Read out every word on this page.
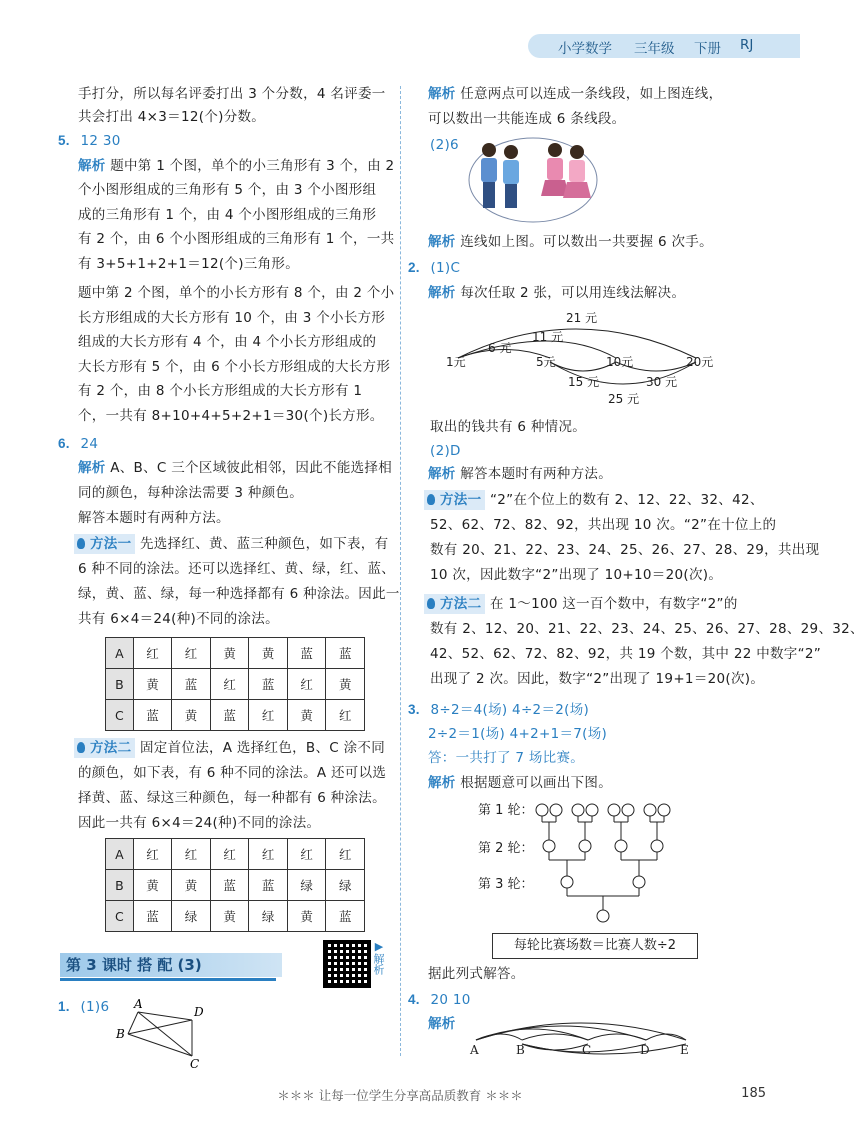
小学数学 三年级 下册 RJ
手打分，所以每名评委打出 3 个分数，4 名评委一
共会打出 4×3＝12(个)分数。
5. 12 30
解析 题中第 1 个图，单个的小三角形有 3 个，由 2
个小图形组成的三角形有 5 个，由 3 个小图形组
成的三角形有 1 个，由 4 个小图形组成的三角形
有 2 个，由 6 个小图形组成的三角形有 1 个，一共
有 3+5+1+2+1＝12(个)三角形。
题中第 2 个图，单个的小长方形有 8 个，由 2 个小
长方形组成的大长方形有 10 个，由 3 个小长方形
组成的大长方形有 4 个，由 4 个小长方形组成的
大长方形有 5 个，由 6 个小长方形组成的大长方形
有 2 个，由 8 个小长方形组成的大长方形有 1
个，一共有 8+10+4+5+2+1＝30(个)长方形。
6. 24
解析 A、B、C 三个区域彼此相邻，因此不能选择相
同的颜色，每种涂法需要 3 种颜色。
解答本题时有两种方法。
方法一 先选择红、黄、蓝三种颜色，如下表，有
6 种不同的涂法。还可以选择红、黄、绿，红、蓝、
绿，黄、蓝、绿，每一种选择都有 6 种涂法。因此一
共有 6×4＝24(种)不同的涂法。
A	红	红	黄	黄	蓝	蓝
B	黄	蓝	红	蓝	红	黄
C	蓝	黄	蓝	红	黄	红
方法二 固定首位法，A 选择红色，B、C 涂不同
的颜色，如下表，有 6 种不同的涂法。A 还可以选
择黄、蓝、绿这三种颜色，每一种都有 6 种涂法。
因此一共有 6×4＝24(种)不同的涂法。
A	红	红	红	红	红	红
B	黄	黄	蓝	蓝	绿	绿
C	蓝	绿	黄	绿	黄	蓝
第 3 课时 搭 配 (3)
▶
解析
1. (1)6 A
D
B
C
解析 任意两点可以连成一条线段，如上图连线，
可以数出一共能连成 6 条线段。
(2)6
解析 连线如上图。可以数出一共要握 6 次手。
2. (1)C
解析 每次任取 2 张，可以用连线法解决。
1元	5元	10元	20元
6 元
11 元
21 元
15 元	30 元
25 元
取出的钱共有 6 种情况。
(2)D
解析 解答本题时有两种方法。
方法一 “2”在个位上的数有 2、12、22、32、42、
52、62、72、82、92，共出现 10 次。“2”在十位上的
数有 20、21、22、23、24、25、26、27、28、29，共出现
10 次，因此数字“2”出现了 10+10＝20(次)。
方法二 在 1～100 这一百个数中，有数字“2”的
数有 2、12、20、21、22、23、24、25、26、27、28、29、32、
42、52、62、72、82、92，共 19 个数，其中 22 中数字“2”
出现了 2 次。因此，数字“2”出现了 19+1＝20(次)。
3. 8÷2＝4(场) 4÷2＝2(场)
2÷2＝1(场) 4+2+1＝7(场)
答：一共打了 7 场比赛。
解析 根据题意可以画出下图。
第 1 轮：
第 2 轮：
第 3 轮：
每轮比赛场数＝比赛人数÷2
据此列式解答。
4. 20 10
解析
A	B	C	D	E
＊＊＊ 让每一位学生分享高品质教育 ＊＊＊	185
